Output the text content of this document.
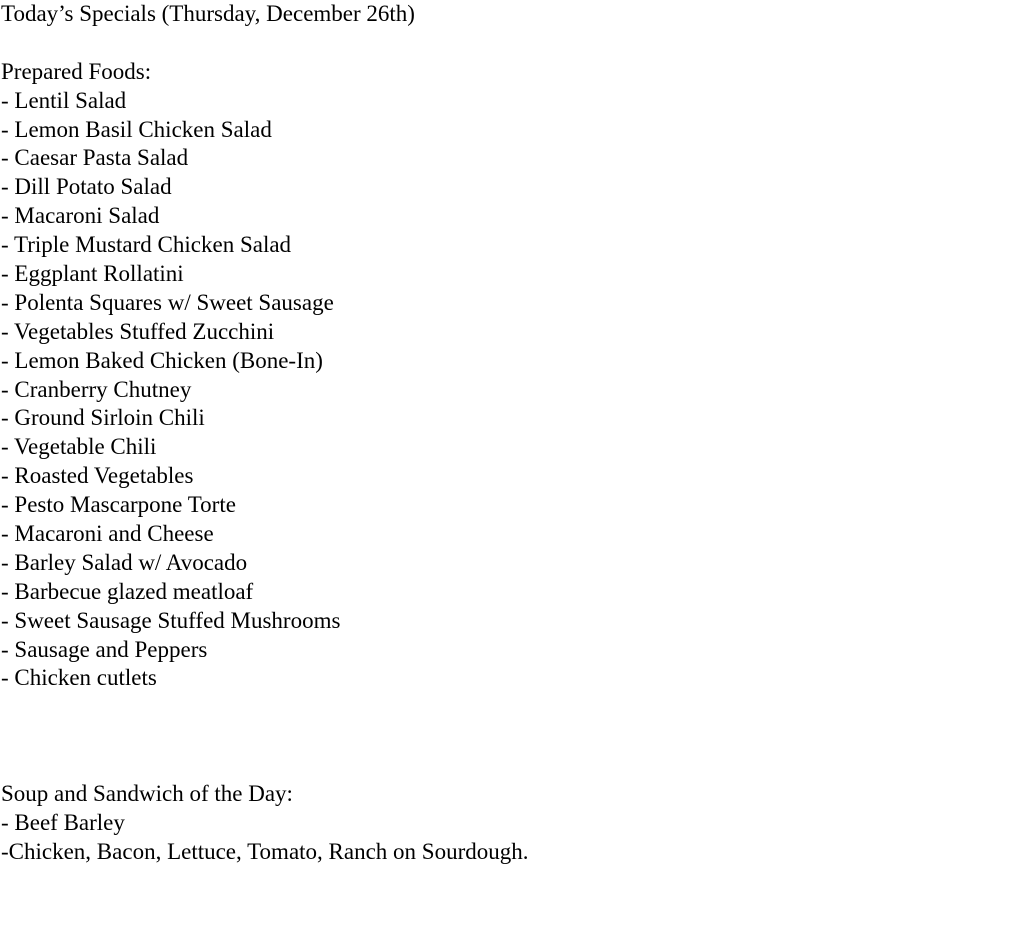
Today’s Specials (Thursday, December 26th)
Prepared Foods:
- Lentil Salad
- Lemon Basil Chicken Salad
- Caesar Pasta Salad
- Dill Potato Salad
- Macaroni Salad
- Triple Mustard Chicken Salad
- Eggplant Rollatini
- Polenta Squares w/ Sweet Sausage
- Vegetables Stuffed Zucchini
- Lemon Baked Chicken (Bone-In)
- Cranberry Chutney
- Ground Sirloin Chili
- Vegetable Chili
- Roasted Vegetables
- Pesto Mascarpone Torte
- Macaroni and Cheese
- Barley Salad w/ Avocado
- Barbecue glazed meatloaf
- Sweet Sausage Stuffed Mushrooms
- Sausage and Peppers
- Chicken cutlets
Soup and Sandwich of the Day:
- Beef Barley
-Chicken, Bacon, Lettuce, Tomato, Ranch on Sourdough.
